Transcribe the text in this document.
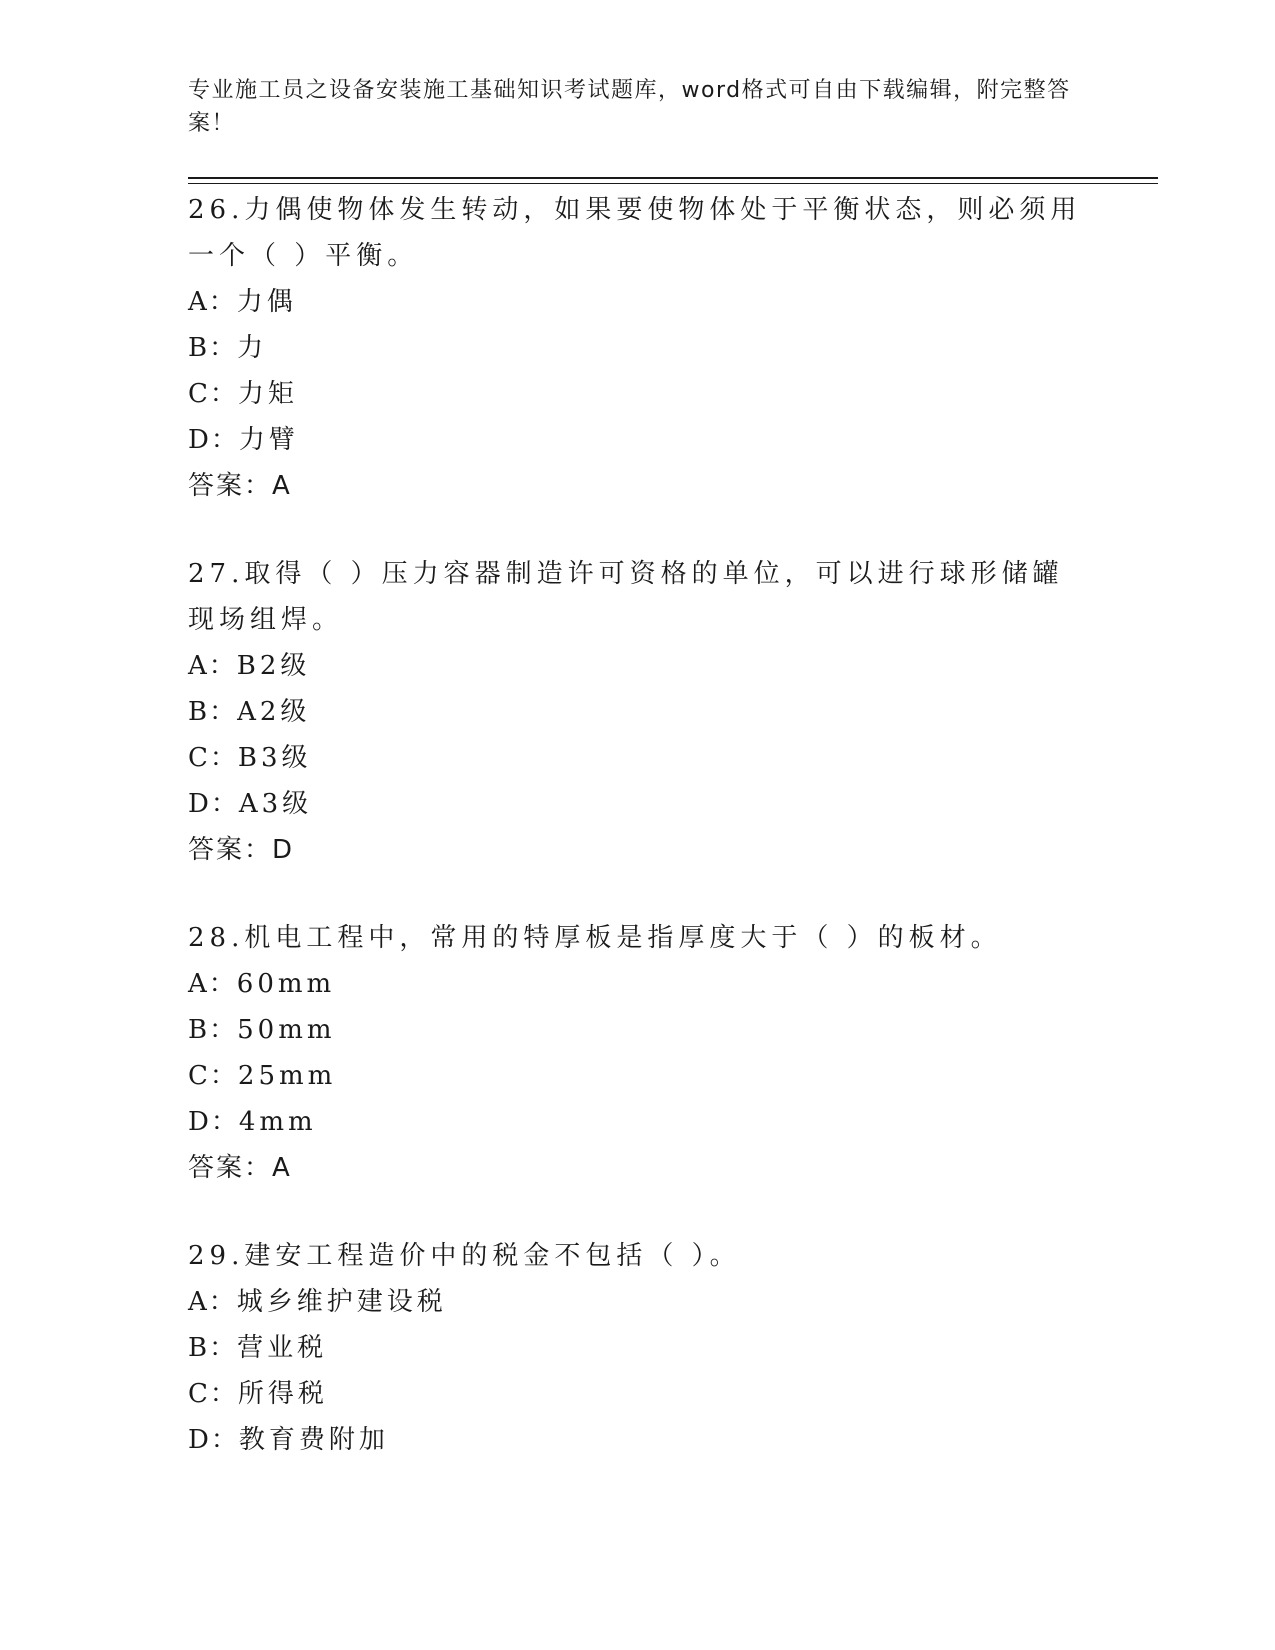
专业施工员之设备安装施工基础知识考试题库，word格式可自由下载编辑，附完整答案！

26.力偶使物体发生转动，如果要使物体处于平衡状态，则必须用一个（ ）平衡。

A：力偶

B：力

C：力矩

D：力臂

答案：A

27.取得（ ）压力容器制造许可资格的单位，可以进行球形储罐现场组焊。

A：B2级

B：A2级

C：B3级

D：A3级

答案：D

28.机电工程中，常用的特厚板是指厚度大于（ ）的板材。

A：60mm

B：50mm

C：25mm

D：4mm

答案：A

29.建安工程造价中的税金不包括（ ）。

A：城乡维护建设税

B：营业税

C：所得税

D：教育费附加
